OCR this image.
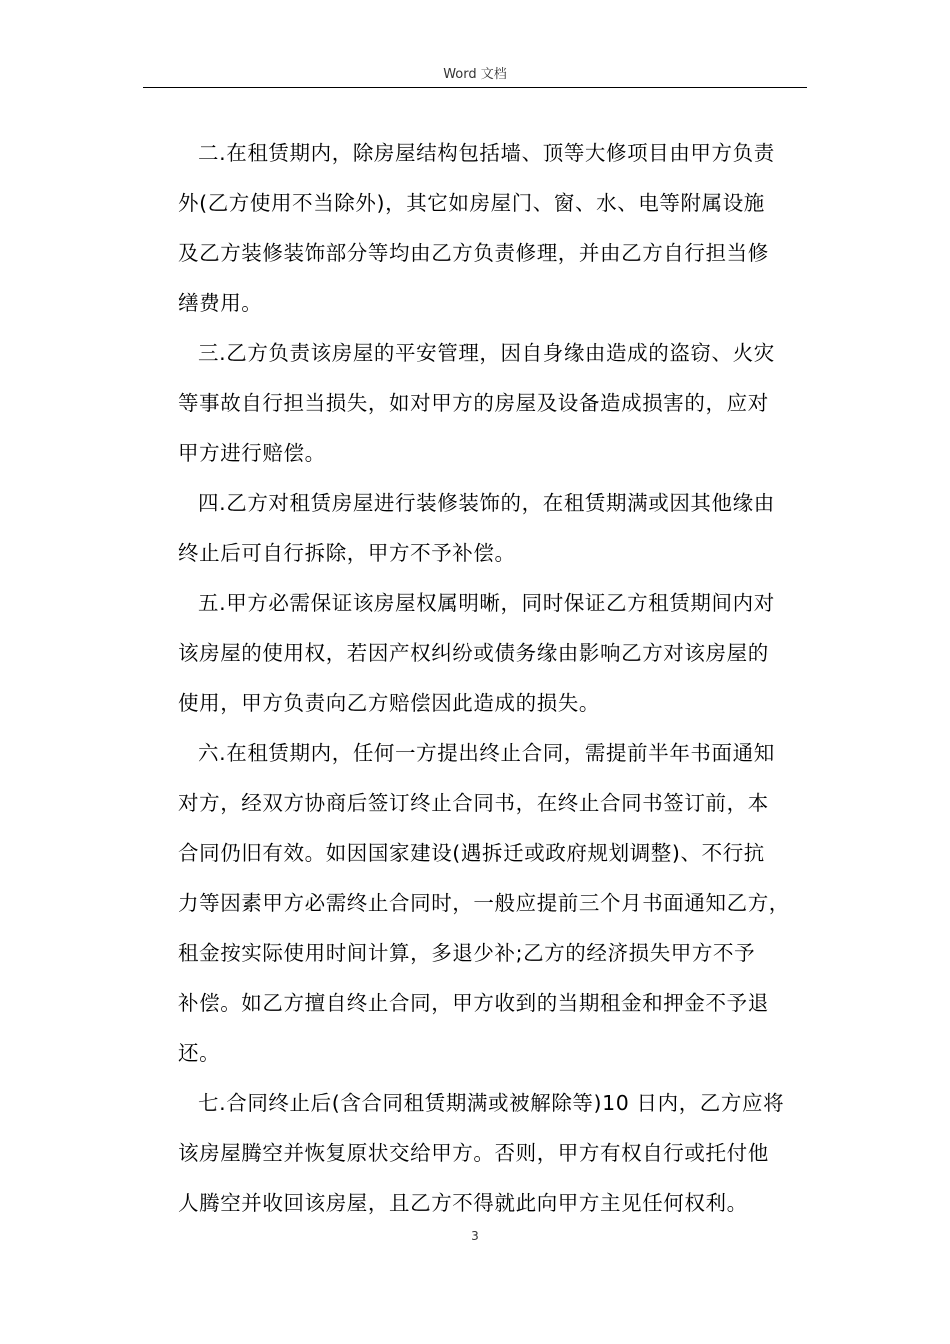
Word 文档

二.在租赁期内，除房屋结构包括墙、顶等大修项目由甲方负责
外(乙方使用不当除外)，其它如房屋门、窗、水、电等附属设施
及乙方装修装饰部分等均由乙方负责修理，并由乙方自行担当修
缮费用。

三.乙方负责该房屋的平安管理，因自身缘由造成的盗窃、火灾
等事故自行担当损失，如对甲方的房屋及设备造成损害的，应对
甲方进行赔偿。

四.乙方对租赁房屋进行装修装饰的，在租赁期满或因其他缘由
终止后可自行拆除，甲方不予补偿。

五.甲方必需保证该房屋权属明晰，同时保证乙方租赁期间内对
该房屋的使用权，若因产权纠纷或债务缘由影响乙方对该房屋的
使用，甲方负责向乙方赔偿因此造成的损失。

六.在租赁期内，任何一方提出终止合同，需提前半年书面通知
对方，经双方协商后签订终止合同书，在终止合同书签订前，本
合同仍旧有效。如因国家建设(遇拆迁或政府规划调整)、不行抗
力等因素甲方必需终止合同时，一般应提前三个月书面通知乙方，
租金按实际使用时间计算，多退少补;乙方的经济损失甲方不予
补偿。如乙方擅自终止合同，甲方收到的当期租金和押金不予退
还。

七.合同终止后(含合同租赁期满或被解除等)10 日内，乙方应将
该房屋腾空并恢复原状交给甲方。否则，甲方有权自行或托付他
人腾空并收回该房屋，且乙方不得就此向甲方主见任何权利。

3
